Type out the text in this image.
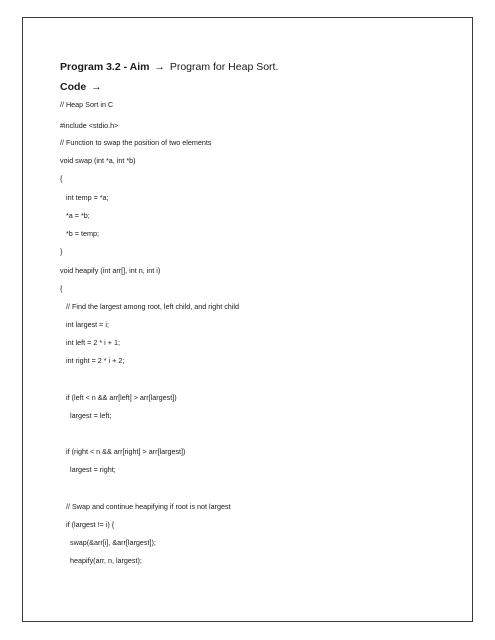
Program 3.2 - Aim → Program for Heap Sort.
Code →
// Heap Sort in C
#include <stdio.h>
// Function to swap the position of two elements
void swap (int *a, int *b)
{
int temp = *a;
*a = *b;
*b = temp;
}
void heapify (int arr[], int n, int i)
{
// Find the largest among root, left child, and right child
int largest = i;
int left = 2 * i + 1;
int right = 2 * i + 2;
if (left < n && arr[left] > arr[largest])
largest = left;
if (right < n && arr[right] > arr[largest])
largest = right;
// Swap and continue heapifying if root is not largest
if (largest != i) {
swap(&arr[i], &arr[largest]);
heapify(arr, n, largest);
